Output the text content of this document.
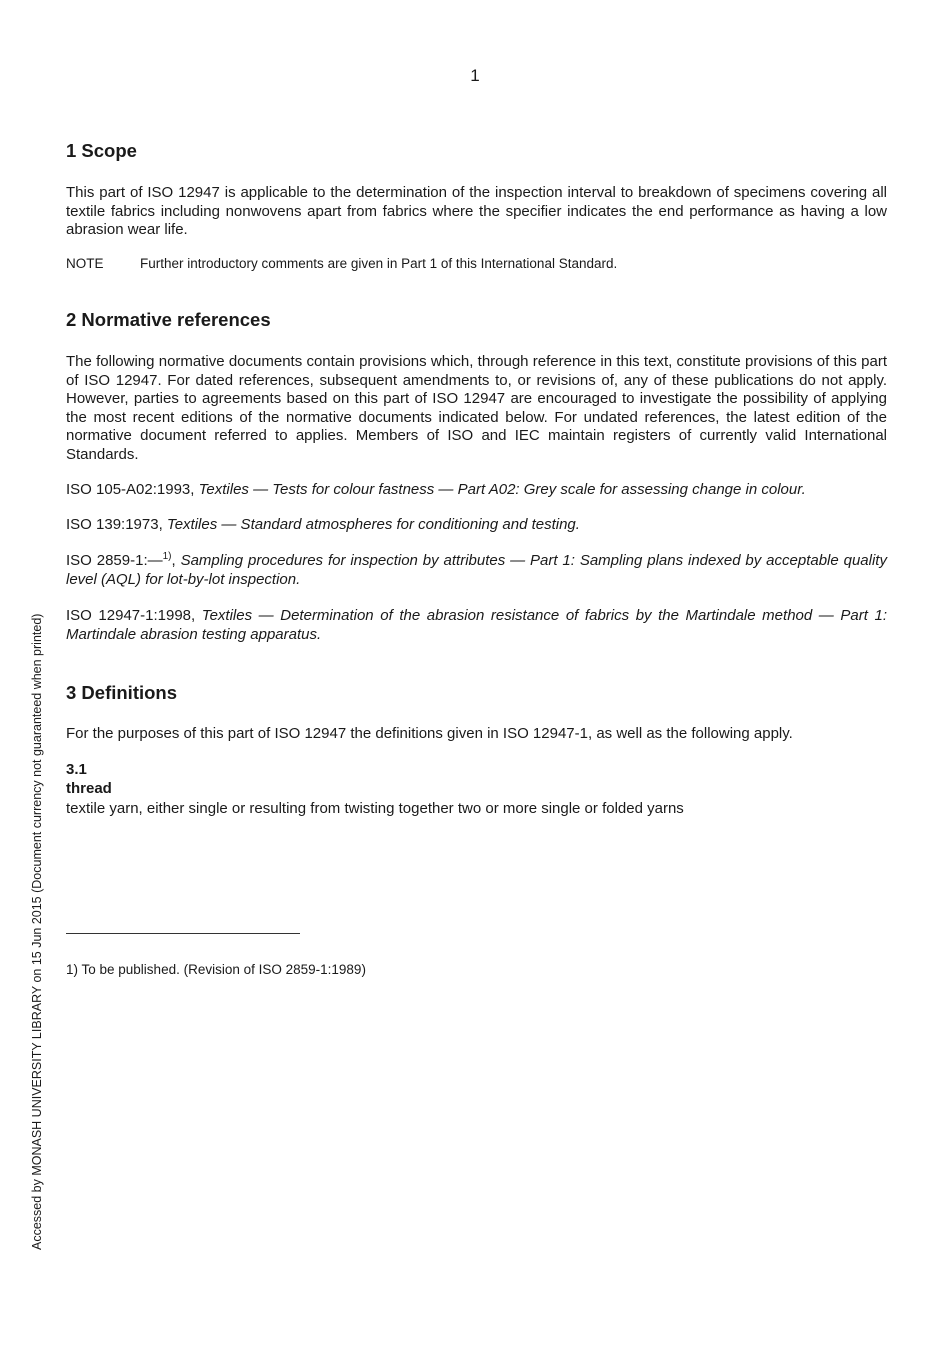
1
1 Scope

This part of ISO 12947 is applicable to the determination of the inspection interval to breakdown of specimens covering all textile fabrics including nonwovens apart from fabrics where the specifier indicates the end performance as having a low abrasion wear life.

NOTE	Further introductory comments are given in Part 1 of this International Standard.
2 Normative references

The following normative documents contain provisions which, through reference in this text, constitute provisions of this part of ISO 12947. For dated references, subsequent amendments to, or revisions of, any of these publications do not apply. However, parties to agreements based on this part of ISO 12947 are encouraged to investigate the possibility of applying the most recent editions of the normative documents indicated below. For undated references, the latest edition of the normative document referred to applies. Members of ISO and IEC maintain registers of currently valid International Standards.

ISO 105-A02:1993, Textiles — Tests for colour fastness — Part A02: Grey scale for assessing change in colour.

ISO 139:1973, Textiles — Standard atmospheres for conditioning and testing.

ISO 2859-1:—$^{1)}$, Sampling procedures for inspection by attributes — Part 1: Sampling plans indexed by acceptable quality level (AQL) for lot-by-lot inspection.

ISO 12947-1:1998, Textiles — Determination of the abrasion resistance of fabrics by the Martindale method — Part 1: Martindale abrasion testing apparatus.

3 Definitions

For the purposes of this part of ISO 12947 the definitions given in ISO 12947-1, as well as the following apply.

3.1
thread
textile yarn, either single or resulting from twisting together two or more single or folded yarns
1) To be published. (Revision of ISO 2859-1:1989)
Accessed by MONASH UNIVERSITY LIBRARY on 15 Jun 2015 (Document currency not guaranteed when printed)
